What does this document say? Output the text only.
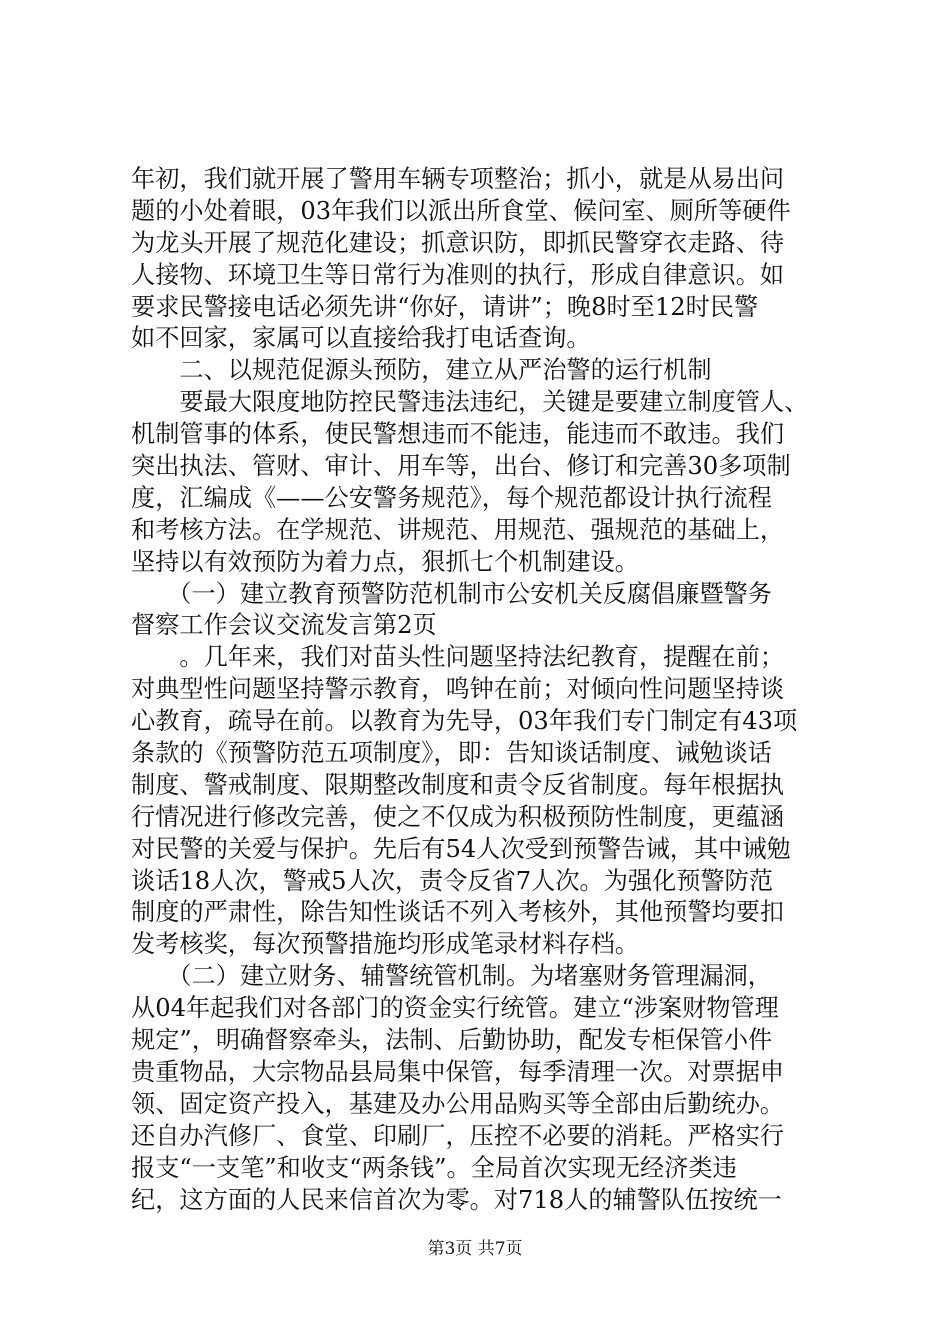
年初，我们就开展了警用车辆专项整治；抓小，就是从易出问
题的小处着眼，03年我们以派出所食堂、候问室、厕所等硬件
为龙头开展了规范化建设；抓意识防，即抓民警穿衣走路、待
人接物、环境卫生等日常行为准则的执行，形成自律意识。如
要求民警接电话必须先讲“你好，请讲”；晚8时至12时民警
如不回家，家属可以直接给我打电话查询。
　　二、以规范促源头预防，建立从严治警的运行机制
　　要最大限度地防控民警违法违纪，关键是要建立制度管人、
机制管事的体系，使民警想违而不能违，能违而不敢违。我们
突出执法、管财、审计、用车等，出台、修订和完善30多项制
度，汇编成《——公安警务规范》，每个规范都设计执行流程
和考核方法。在学规范、讲规范、用规范、强规范的基础上，
坚持以有效预防为着力点，狠抓七个机制建设。
　　（一）建立教育预警防范机制市公安机关反腐倡廉暨警务
督察工作会议交流发言第2页
　　。几年来，我们对苗头性问题坚持法纪教育，提醒在前；
对典型性问题坚持警示教育，鸣钟在前；对倾向性问题坚持谈
心教育，疏导在前。以教育为先导，03年我们专门制定有43项
条款的《预警防范五项制度》，即：告知谈话制度、诫勉谈话
制度、警戒制度、限期整改制度和责令反省制度。每年根据执
行情况进行修改完善，使之不仅成为积极预防性制度，更蕴涵
对民警的关爱与保护。先后有54人次受到预警告诫，其中诫勉
谈话18人次，警戒5人次，责令反省7人次。为强化预警防范
制度的严肃性，除告知性谈话不列入考核外，其他预警均要扣
发考核奖，每次预警措施均形成笔录材料存档。
　　（二）建立财务、辅警统管机制。为堵塞财务管理漏洞，
从04年起我们对各部门的资金实行统管。建立“涉案财物管理
规定”，明确督察牵头，法制、后勤协助，配发专柜保管小件
贵重物品，大宗物品县局集中保管，每季清理一次。对票据申
领、固定资产投入，基建及办公用品购买等全部由后勤统办。
还自办汽修厂、食堂、印刷厂，压控不必要的消耗。严格实行
报支“一支笔”和收支“两条钱”。全局首次实现无经济类违
纪，这方面的人民来信首次为零。对718人的辅警队伍按统一
第3页 共7页
